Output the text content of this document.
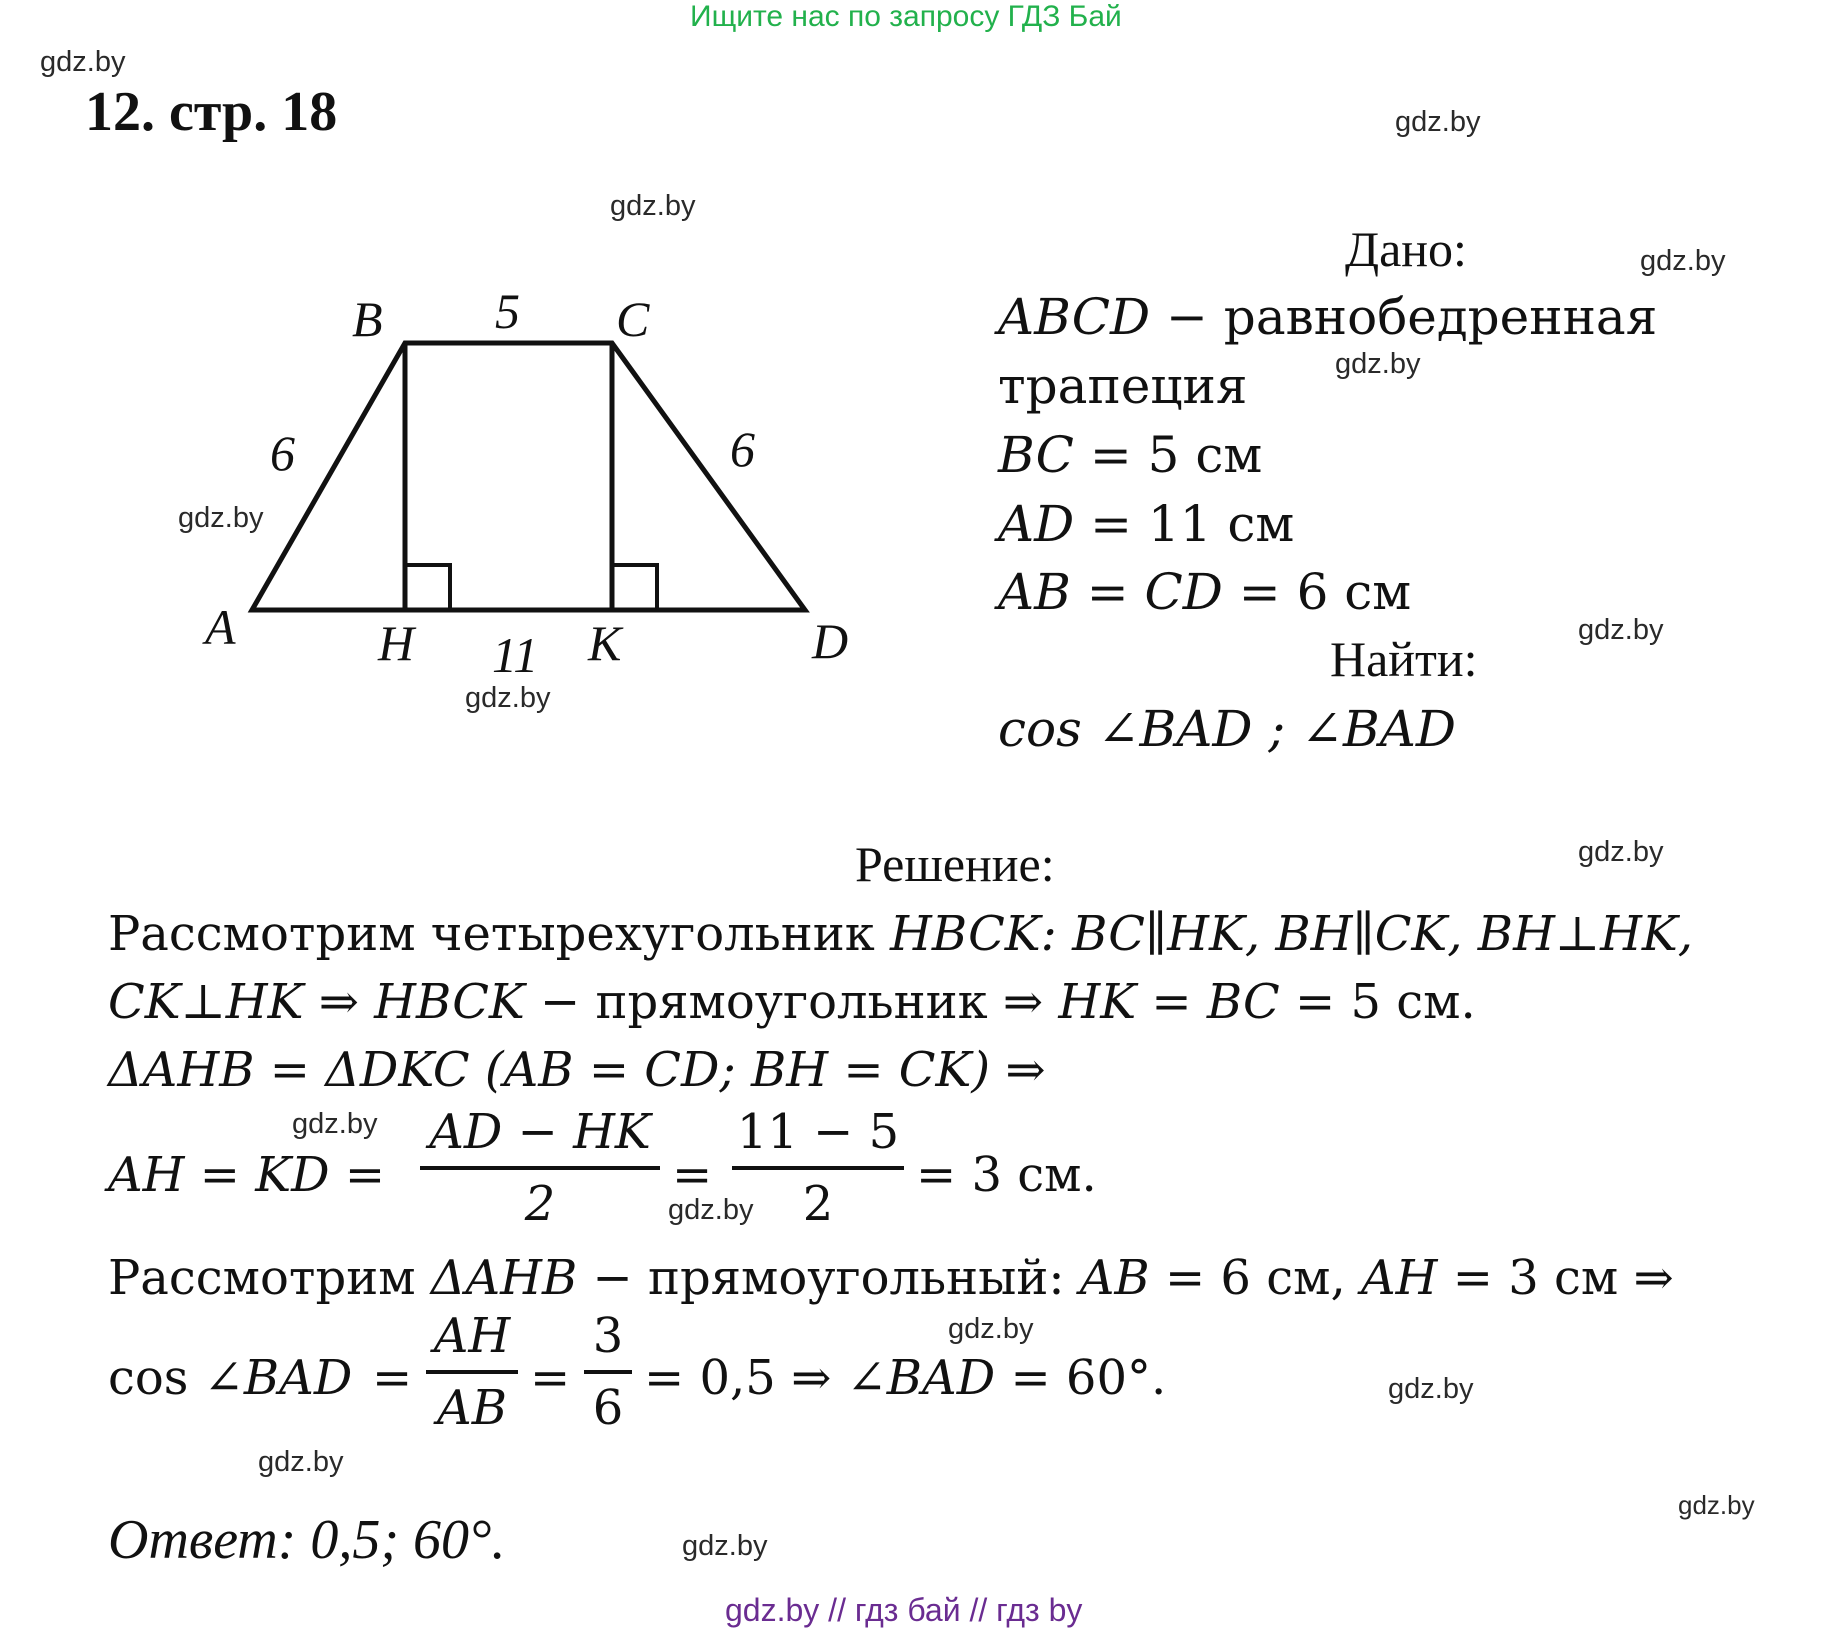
Ищите нас по запросу ГДЗ Бай
gdz.by
gdz.by
gdz.by
gdz.by
gdz.by
gdz.by
gdz.by
gdz.by
gdz.by
gdz.by
gdz.by
gdz.by
gdz.by
gdz.by
gdz.by
gdz.by
12. стр. 18
B	C
A	H	K	D
5
6	6
11
Дано:
ABCD − равнобедренная
трапеция
BC = 5 см
AD = 11 см
AB = CD = 6 см
Найти:
cos ∠BAD ; ∠BAD
Решение:
Рассмотрим четырехугольник HBCK: BC∥HK, BH∥CK, BH⊥HK,
CK⊥HK ⇒ HBCK − прямоугольник ⇒ HK = BC = 5 см.
ΔAHB = ΔDKC (AB = CD; BH = CK) ⇒
AH = KD = $\frac{AD - HK}{2} = \frac{11 - 5}{2} = 3$ см.
Рассмотрим ΔAHB − прямоугольный: AB = 6 см, AH = 3 см ⇒
cos ∠BAD = $\frac{AH}{AB} = \frac{3}{6} = 0,5$ ⇒ ∠BAD = 60°.
Ответ: 0,5; 60°.
gdz.by // гдз бай // гдз by
